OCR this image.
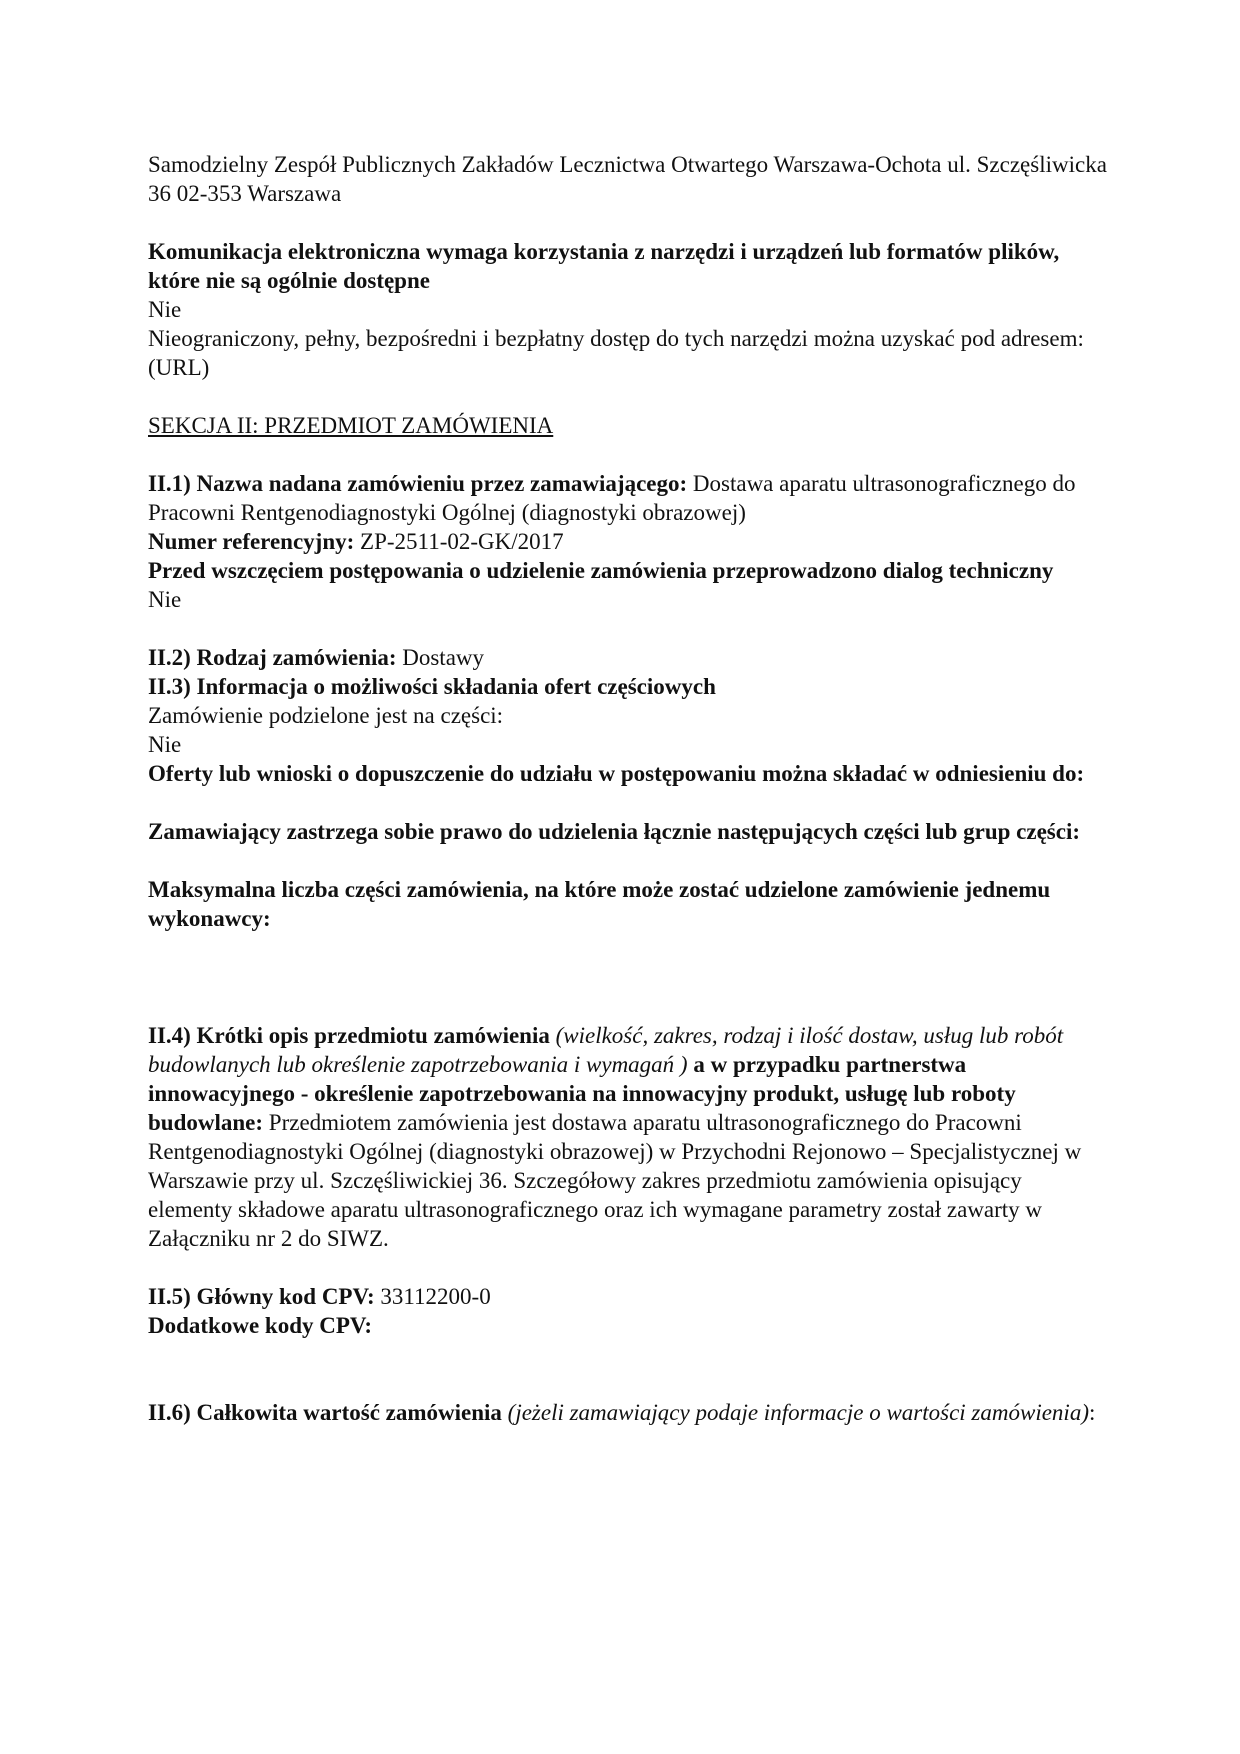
Samodzielny Zespół Publicznych Zakładów Lecznictwa Otwartego Warszawa-Ochota ul. Szczęśliwicka 36 02-353 Warszawa

Komunikacja elektroniczna wymaga korzystania z narzędzi i urządzeń lub formatów plików, które nie są ogólnie dostępne

Nie

Nieograniczony, pełny, bezpośredni i bezpłatny dostęp do tych narzędzi można uzyskać pod adresem: (URL)

SEKCJA II: PRZEDMIOT ZAMÓWIENIA

II.1) Nazwa nadana zamówieniu przez zamawiającego: Dostawa aparatu ultrasonograficznego do Pracowni Rentgenodiagnostyki Ogólnej (diagnostyki obrazowej)

Numer referencyjny: ZP-2511-02-GK/2017

Przed wszczęciem postępowania o udzielenie zamówienia przeprowadzono dialog techniczny

Nie

II.2) Rodzaj zamówienia: Dostawy

II.3) Informacja o możliwości składania ofert częściowych

Zamówienie podzielone jest na części:

Nie

Oferty lub wnioski o dopuszczenie do udziału w postępowaniu można składać w odniesieniu do:

Zamawiający zastrzega sobie prawo do udzielenia łącznie następujących części lub grup części:

Maksymalna liczba części zamówienia, na które może zostać udzielone zamówienie jednemu wykonawcy:

II.4) Krótki opis przedmiotu zamówienia (wielkość, zakres, rodzaj i ilość dostaw, usług lub robót budowlanych lub określenie zapotrzebowania i wymagań ) a w przypadku partnerstwa innowacyjnego - określenie zapotrzebowania na innowacyjny produkt, usługę lub roboty budowlane: Przedmiotem zamówienia jest dostawa aparatu ultrasonograficznego do Pracowni Rentgenodiagnostyki Ogólnej (diagnostyki obrazowej) w Przychodni Rejonowo – Specjalistycznej w Warszawie przy ul. Szczęśliwickiej 36. Szczegółowy zakres przedmiotu zamówienia opisujący elementy składowe aparatu ultrasonograficznego oraz ich wymagane parametry został zawarty w Załączniku nr 2 do SIWZ.

II.5) Główny kod CPV: 33112200-0

Dodatkowe kody CPV:

II.6) Całkowita wartość zamówienia (jeżeli zamawiający podaje informacje o wartości zamówienia):
